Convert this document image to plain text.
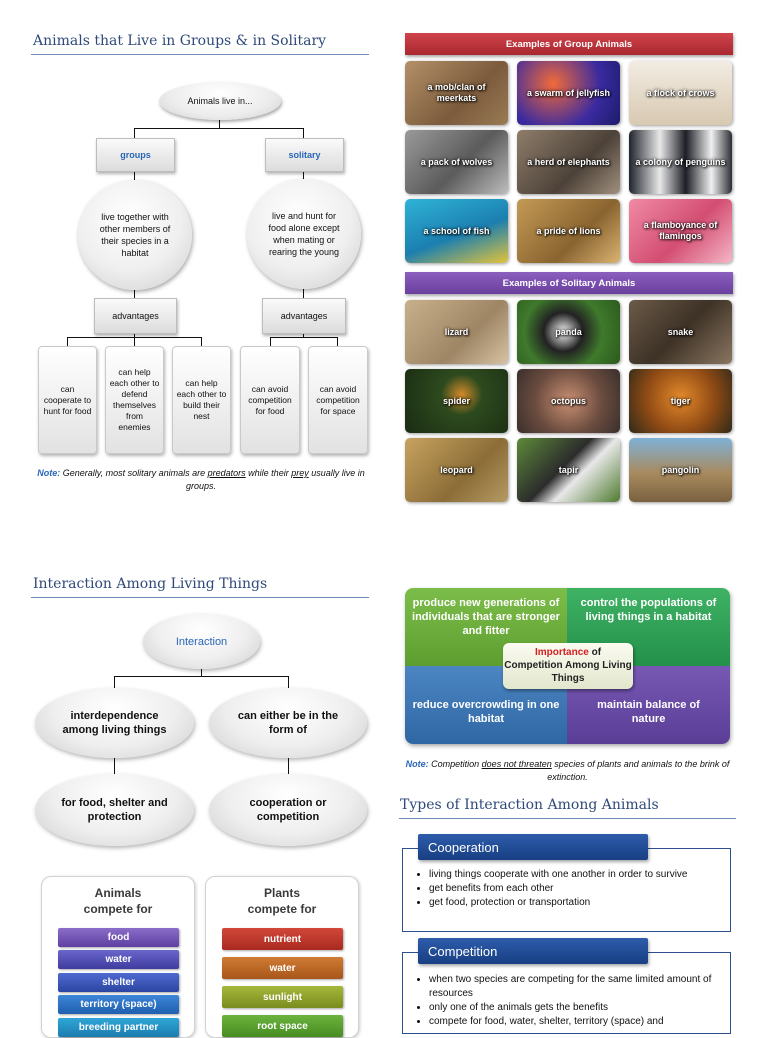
Animals that Live in Groups & in Solitary
Animals live in...
groups	solitary
live together with other members of their species in a habitat
live and hunt for food alone except when mating or rearing the young
advantages	advantages
can cooperate to hunt for food
can help each other to defend themselves from enemies
can help each other to build their nest
can avoid competition for food
can avoid competition for space
Note: Generally, most solitary animals are predators while their prey usually live in groups.
Examples of Group Animals
a mob/clan of meerkats
a swarm of jellyfish	a flock of crows
a pack of wolves	a herd of elephants	a colony of penguins
a school of fish	a pride of lions
a flamboyance of flamingos
Examples of Solitary Animals
lizard	panda	snake
spider	octopus	tiger
leopard	tapir	pangolin
Interaction Among Living Things
Interaction
interdependence among living things
can either be in the form of
for food, shelter and protection
cooperation or competition
Animals compete for
food
water
shelter
territory (space)
breeding partner
Plants compete for
nutrient
water
sunlight
root space
produce new generations of individuals that are stronger and fitter
control the populations of living things in a habitat
reduce overcrowding in one habitat
maintain balance of nature
Importance of
Competition Among Living Things
Note: Competition does not threaten species of plants and animals to the brink of extinction.
Types of Interaction Among Animals
• living things cooperate with one another in order to survive
• get benefits from each other
• get food, protection or transportation
Cooperation
• when two species are competing for the same limited amount of resources
• only one of the animals gets the benefits
• compete for food, water, shelter, territory (space) and
Competition
